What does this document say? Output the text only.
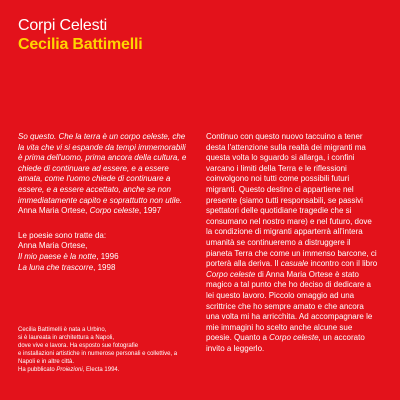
Corpi Celesti
Cecilia Battimelli

So questo. Che la terra è un corpo celeste, che la vita che vi si espande da tempi immemorabili è prima dell'uomo, prima ancora della cultura, e chiede di continuare ad essere, e a essere amata, come l'uomo chiede di continuare a essere, e a essere accettato, anche se non immediatamente capito e soprattutto non utile.

Anna Maria Ortese, Corpo celeste, 1997

Le poesie sono tratte da:

Anna Maria Ortese,

Il mio paese è la notte, 1996

La luna che trascorre, 1998

Cecilia Battimelli è nata a Urbino,

si è laureata in architettura a Napoli,

dove vive e lavora. Ha esposto sue fotografie

e installazioni artistiche in numerose personali e collettive, a

Napoli e in altre città.

Ha pubblicato Proiezioni, Electa 1994.

Continuo con questo nuovo taccuino a tener desta l'attenzione sulla realtà dei migranti ma questa volta lo sguardo si allarga, i confini varcano i limiti della Terra e le riflessioni coinvolgono noi tutti come possibili futuri migranti. Questo destino ci appartiene nel presente (siamo tutti responsabili, se passivi spettatori delle quotidiane tragedie che si consumano nel nostro mare) e nel futuro, dove la condizione di migranti apparterrà all'intera umanità se continueremo a distruggere il pianeta Terra che come un immenso barcone, ci porterà alla deriva. Il casuale incontro con il libro Corpo celeste di Anna Maria Ortese è stato magico a tal punto che ho deciso di dedicare a lei questo lavoro. Piccolo omaggio ad una scrittrice che ho sempre amato e che ancora una volta mi ha arricchita. Ad accompagnare le mie immagini ho scelto anche alcune sue poesie. Quanto a Corpo celeste, un accorato invito a leggerlo.
